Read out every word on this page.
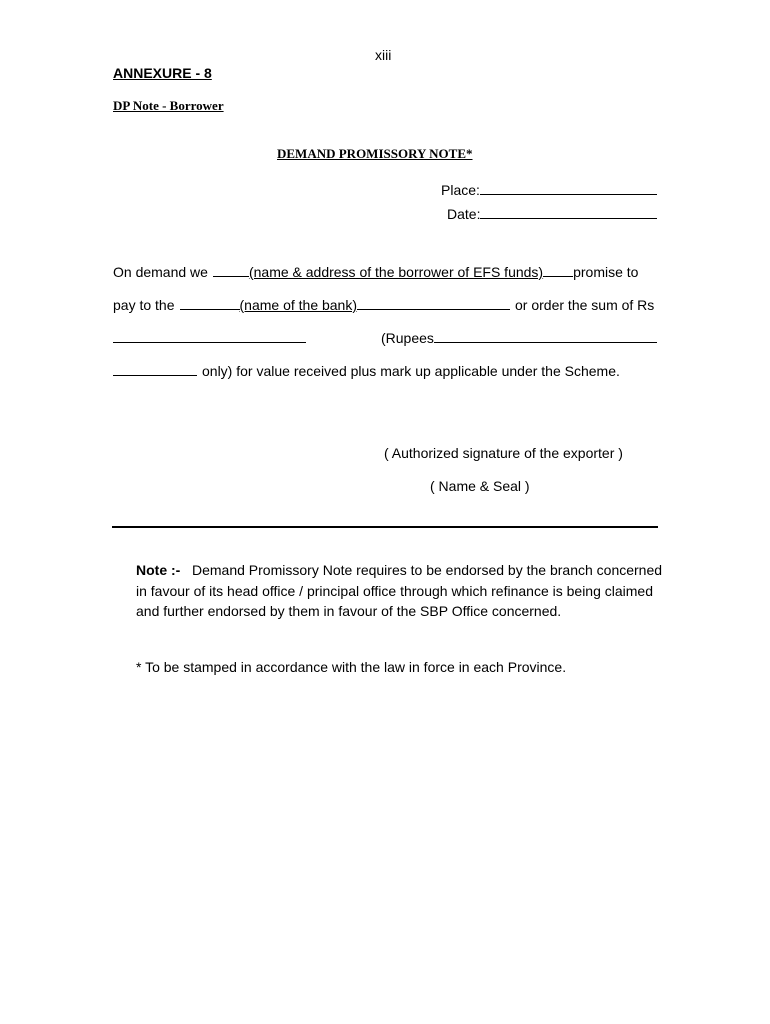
xiii
ANNEXURE - 8
DP Note - Borrower
DEMAND PROMISSORY NOTE*
Place:
Date:
On demand we	(name & address of the borrower of EFS funds) promise to
pay to the	(name of the bank)	or order the sum of Rs
(Rupees
only) for value received plus mark up applicable under the Scheme.
( Authorized signature of the exporter )
( Name & Seal )
Note :- Demand Promissory Note requires to be endorsed by the branch concerned in favour of its head office / principal office through which refinance is being claimed and further endorsed by them in favour of the SBP Office concerned.
* To be stamped in accordance with the law in force in each Province.
